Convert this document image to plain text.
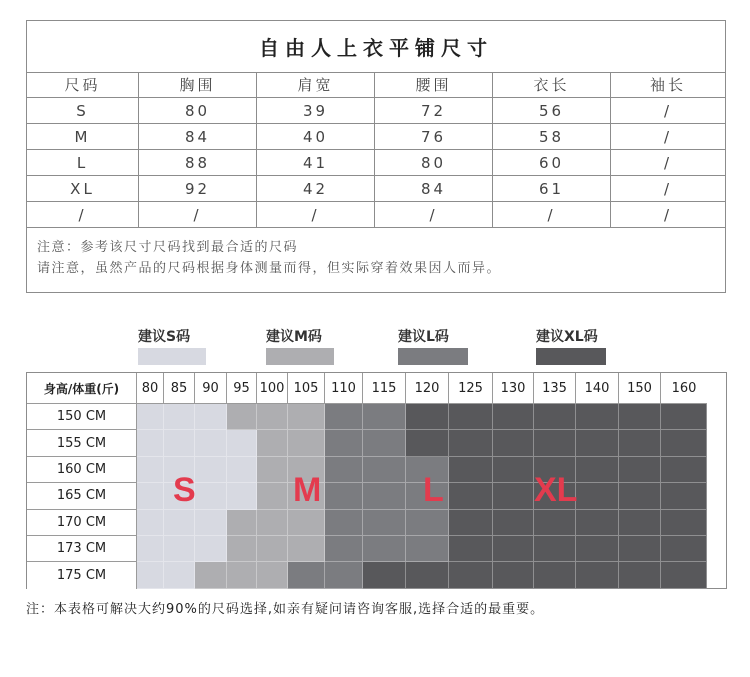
自由人上衣平铺尺寸
尺码	胸围	肩宽	腰围	衣长	袖长
S	80	39	72	56	/
M	84	40	76	58	/
L	88	41	80	60	/
XL	92	42	84	61	/
/	/	/	/	/	/
注意：参考该尺寸尺码找到最合适的尺码
请注意，虽然产品的尺码根据身体测量而得，但实际穿着效果因人而异。
建议S码	建议M码	建议L码	建议XL码
身高/体重(斤)	80 85	90	95 100 105 110	115	120	125	130	135	140	150	160
150 CM
155 CM
160 CM
165 CM
170 CM
173 CM
175 CM
S	M	L	XL
注：本表格可解决大约90%的尺码选择,如亲有疑问请咨询客服,选择合适的最重要。
